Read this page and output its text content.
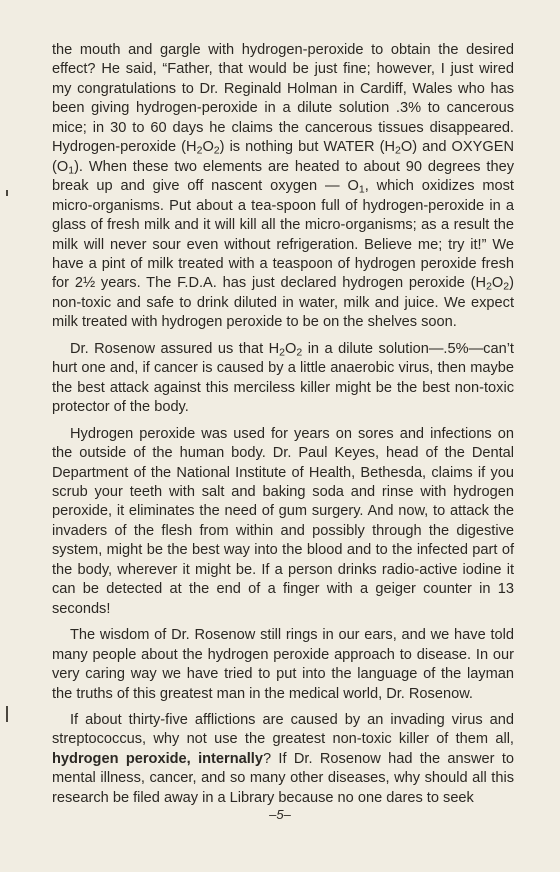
the mouth and gargle with hydrogen-peroxide to obtain the desired effect? He said, “Father, that would be just fine; however, I just wired my congratulations to Dr. Reginald Holman in Cardiff, Wales who has been giving hydrogen-peroxide in a dilute solution .3% to cancerous mice; in 30 to 60 days he claims the cancerous tissues disappeared. Hydrogen-peroxide $(H_2O_2)$ is nothing but WATER $(H_2O)$ and OXYGEN $(O_1)$. When these two elements are heated to about 90 degrees they break up and give off nascent oxygen — $O_1$, which oxidizes most micro-organisms. Put about a tea-spoon full of hydrogen-peroxide in a glass of fresh milk and it will kill all the micro-organisms; as a result the milk will never sour even without refrigeration. Believe me; try it!” We have a pint of milk treated with a teaspoon of hydrogen peroxide fresh for 2½ years. The F.D.A. has just declared hydrogen peroxide $(H_2O_2)$ non-toxic and safe to drink diluted in water, milk and juice. We expect milk treated with hydrogen peroxide to be on the shelves soon.

Dr. Rosenow assured us that $H_2O_2$ in a dilute solution—.5%—can’t hurt one and, if cancer is caused by a little anaerobic virus, then maybe the best attack against this merciless killer might be the best non-toxic protector of the body.

Hydrogen peroxide was used for years on sores and infections on the outside of the human body. Dr. Paul Keyes, head of the Dental Department of the National Institute of Health, Bethesda, claims if you scrub your teeth with salt and baking soda and rinse with hydrogen peroxide, it eliminates the need of gum surgery. And now, to attack the invaders of the flesh from within and possibly through the digestive system, might be the best way into the blood and to the infected part of the body, wherever it might be. If a person drinks radio-active iodine it can be detected at the end of a finger with a geiger counter in 13 seconds!

The wisdom of Dr. Rosenow still rings in our ears, and we have told many people about the hydrogen peroxide approach to disease. In our very caring way we have tried to put into the language of the layman the truths of this greatest man in the medical world, Dr. Rosenow.

If about thirty-five afflictions are caused by an invading virus and streptococcus, why not use the greatest non-toxic killer of them all, hydrogen peroxide, internally? If Dr. Rosenow had the answer to mental illness, cancer, and so many other diseases, why should all this research be filed away in a Library because no one dares to seek

–5–
